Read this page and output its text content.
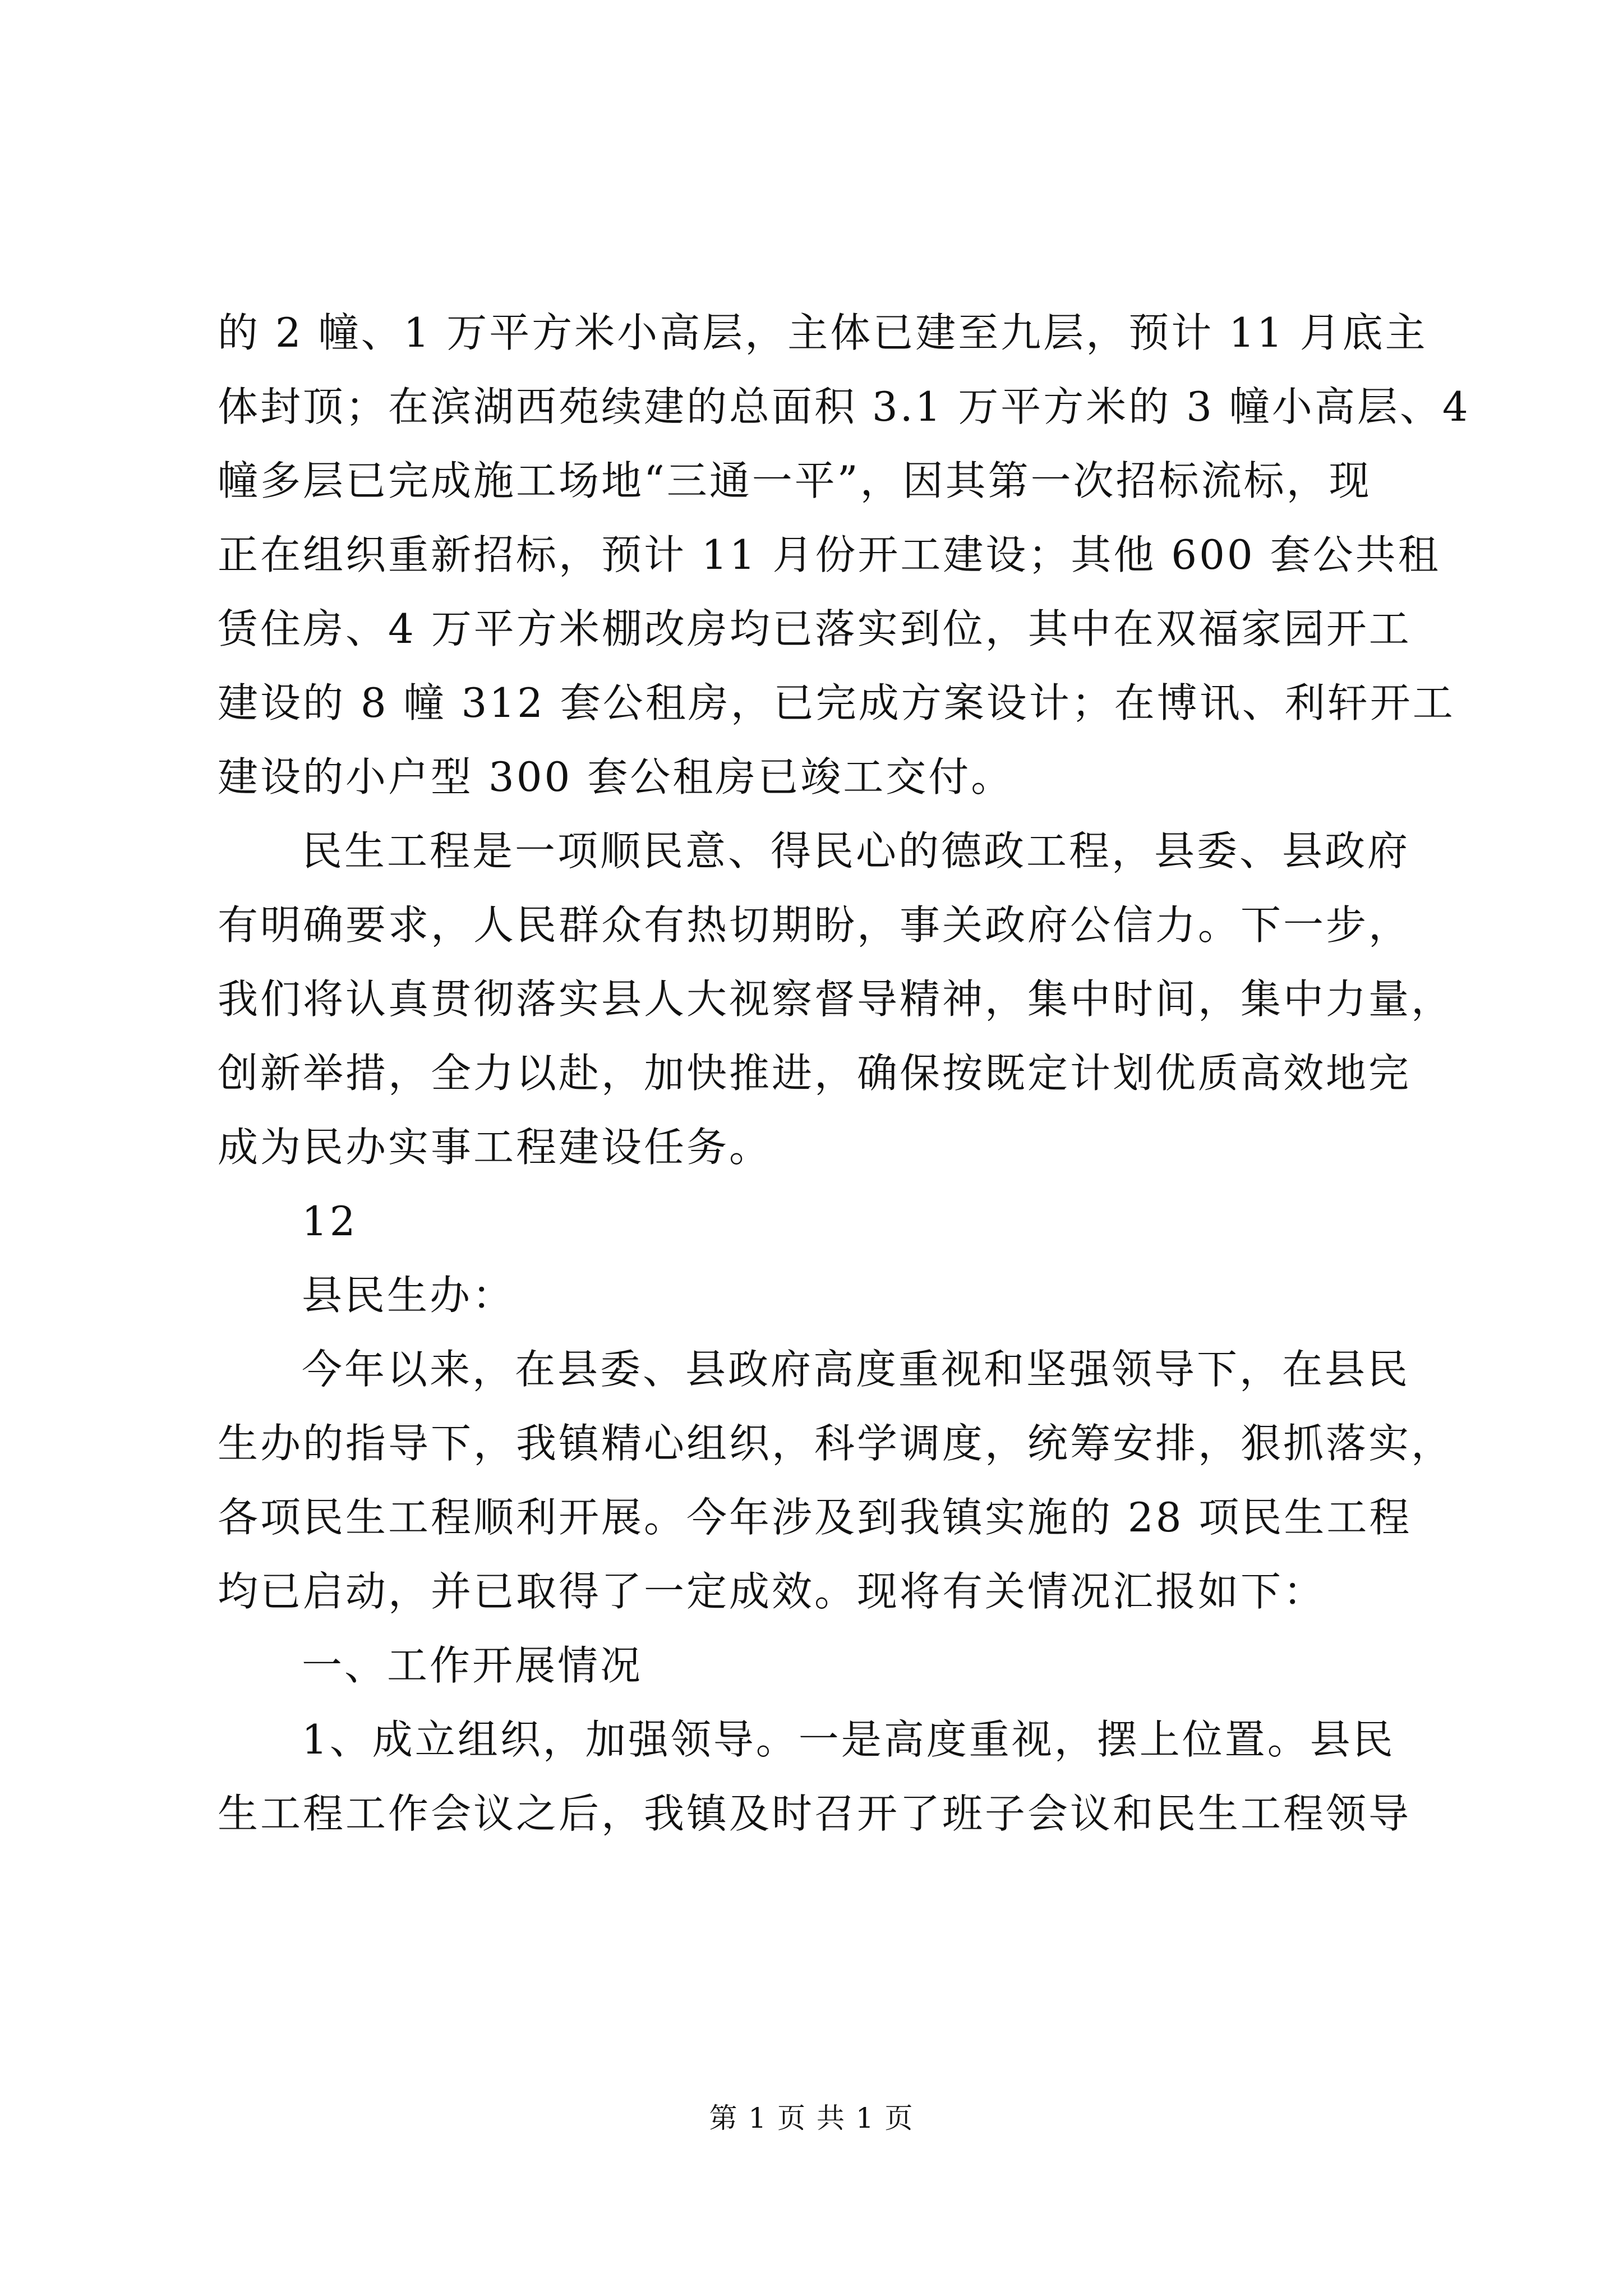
的 2 幢、1 万平方米小高层，主体已建至九层，预计 11 月底主
体封顶；在滨湖西苑续建的总面积 3.1 万平方米的 3 幢小高层、4
幢多层已完成施工场地“三通一平”，因其第一次招标流标，现
正在组织重新招标，预计 11 月份开工建设；其他 600 套公共租
赁住房、4 万平方米棚改房均已落实到位，其中在双福家园开工
建设的 8 幢 312 套公租房，已完成方案设计；在博讯、利轩开工
建设的小户型 300 套公租房已竣工交付。
民生工程是一项顺民意、得民心的德政工程，县委、县政府
有明确要求，人民群众有热切期盼，事关政府公信力。下一步，
我们将认真贯彻落实县人大视察督导精神，集中时间，集中力量，
创新举措，全力以赴，加快推进，确保按既定计划优质高效地完
成为民办实事工程建设任务。
12
县民生办：
今年以来，在县委、县政府高度重视和坚强领导下，在县民
生办的指导下，我镇精心组织，科学调度，统筹安排，狠抓落实，
各项民生工程顺利开展。今年涉及到我镇实施的 28 项民生工程
均已启动，并已取得了一定成效。现将有关情况汇报如下：
一、工作开展情况
1、成立组织，加强领导。一是高度重视，摆上位置。县民
生工程工作会议之后，我镇及时召开了班子会议和民生工程领导
第 1 页 共 1 页
